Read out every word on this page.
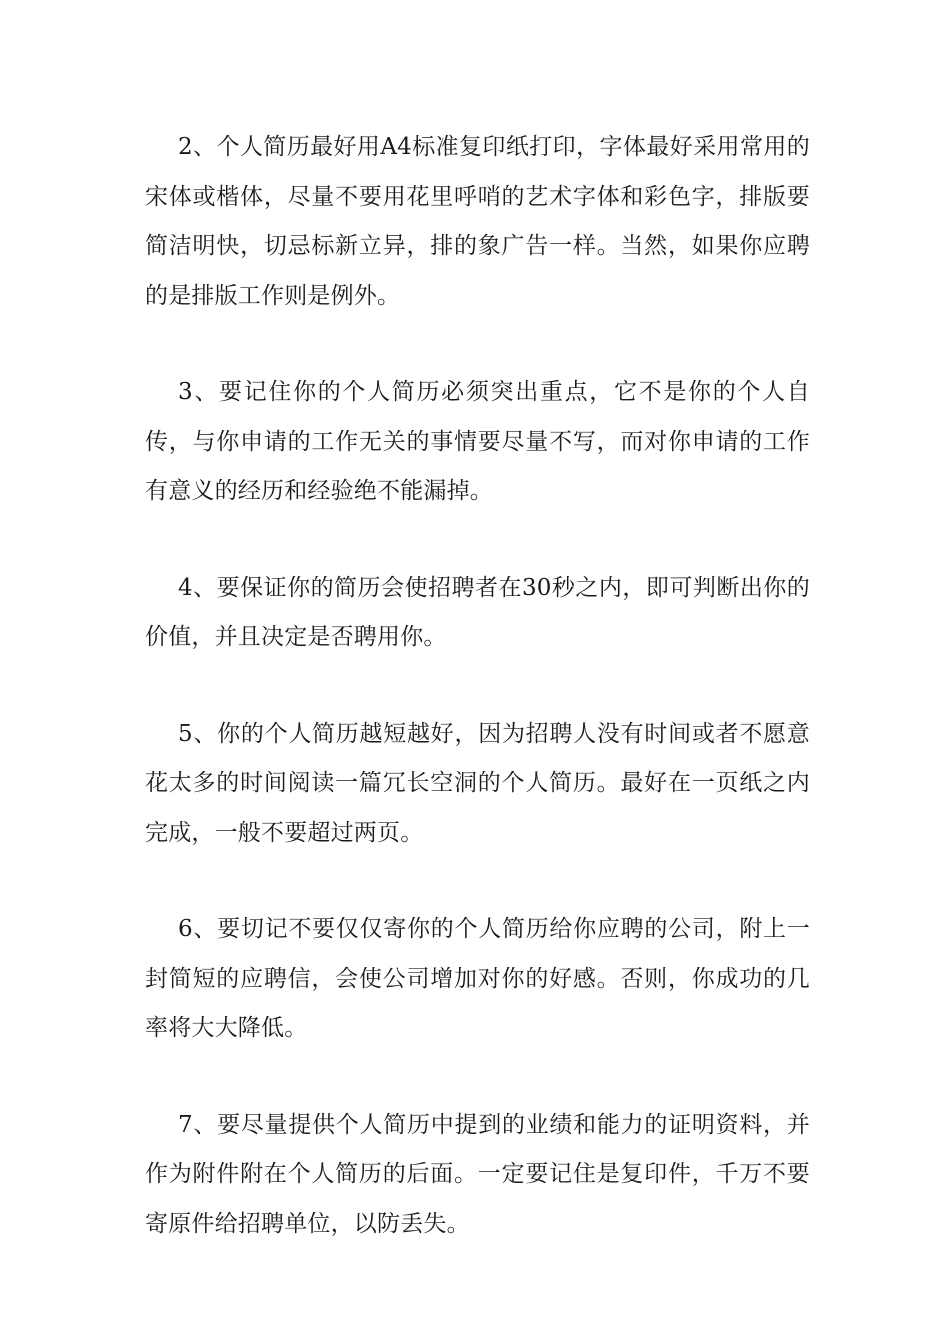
2、个人简历最好用A4标准复印纸打印，字体最好采用常用的宋体或楷体，尽量不要用花里呼哨的艺术字体和彩色字，排版要简洁明快，切忌标新立异，排的象广告一样。当然，如果你应聘的是排版工作则是例外。

3、要记住你的个人简历必须突出重点，它不是你的个人自传，与你申请的工作无关的事情要尽量不写，而对你申请的工作有意义的经历和经验绝不能漏掉。

4、要保证你的简历会使招聘者在30秒之内，即可判断出你的价值，并且决定是否聘用你。

5、你的个人简历越短越好，因为招聘人没有时间或者不愿意花太多的时间阅读一篇冗长空洞的个人简历。最好在一页纸之内完成，一般不要超过两页。

6、要切记不要仅仅寄你的个人简历给你应聘的公司，附上一封简短的应聘信，会使公司增加对你的好感。否则，你成功的几率将大大降低。

7、要尽量提供个人简历中提到的业绩和能力的证明资料，并作为附件附在个人简历的后面。一定要记住是复印件，千万不要寄原件给招聘单位，以防丢失。
